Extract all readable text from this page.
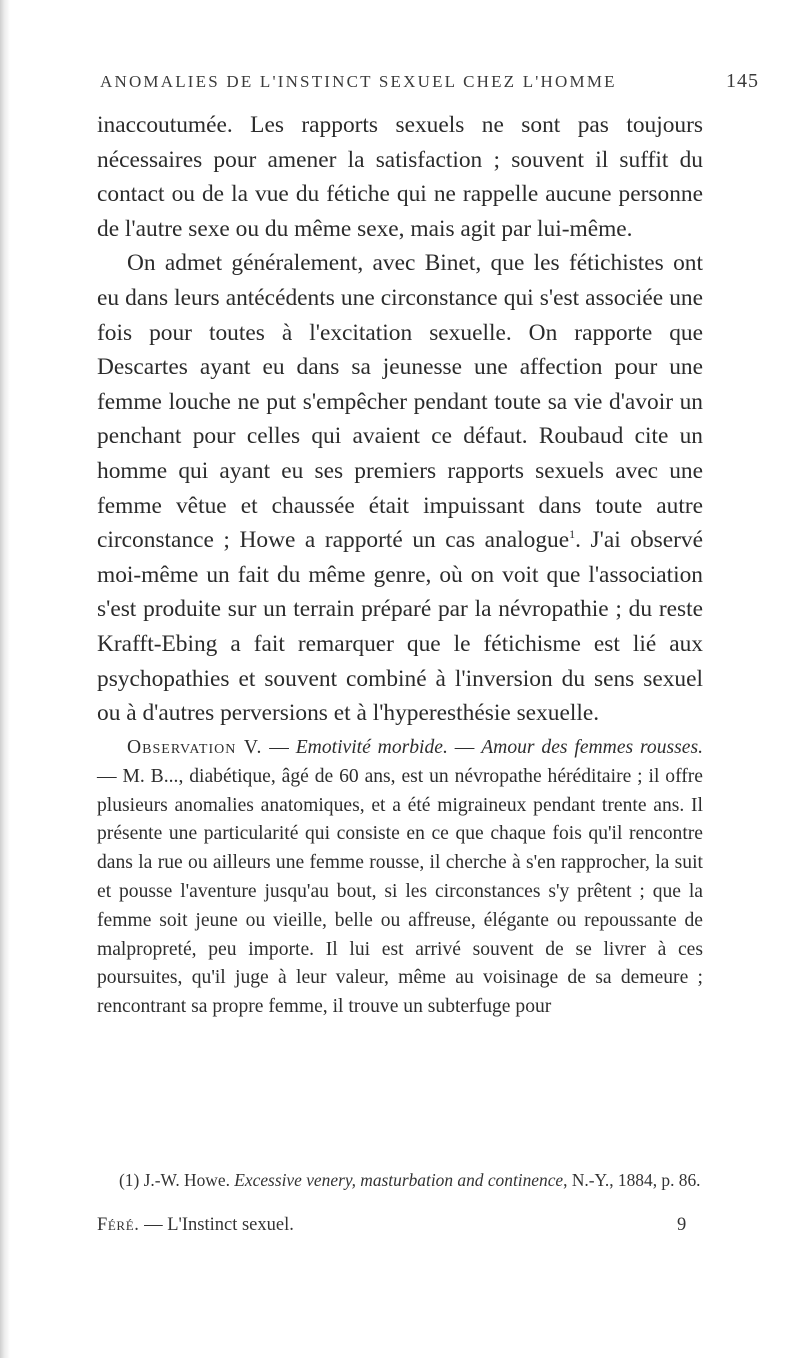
ANOMALIES DE L'INSTINCT SEXUEL CHEZ L'HOMME	145

inaccoutumée. Les rapports sexuels ne sont pas toujours nécessaires pour amener la satisfaction ; souvent il suffit du contact ou de la vue du fétiche qui ne rappelle aucune personne de l'autre sexe ou du même sexe, mais agit par lui-même.

On admet généralement, avec Binet, que les fétichistes ont eu dans leurs antécédents une circonstance qui s'est associée une fois pour toutes à l'excitation sexuelle. On rapporte que Descartes ayant eu dans sa jeunesse une affection pour une femme louche ne put s'empêcher pendant toute sa vie d'avoir un penchant pour celles qui avaient ce défaut. Roubaud cite un homme qui ayant eu ses premiers rapports sexuels avec une femme vêtue et chaussée était impuissant dans toute autre circonstance ; Howe a rapporté un cas analogue$^1$. J'ai observé moi-même un fait du même genre, où on voit que l'association s'est produite sur un terrain préparé par la névropathie ; du reste Krafft-Ebing a fait remarquer que le fétichisme est lié aux psychopathies et souvent combiné à l'inversion du sens sexuel ou à d'autres perversions et à l'hyperesthésie sexuelle.

Observation V. — Emotivité morbide. — Amour des femmes rousses. — M. B..., diabétique, âgé de 60 ans, est un névropathe héréditaire ; il offre plusieurs anomalies anatomiques, et a été migraineux pendant trente ans. Il présente une particularité qui consiste en ce que chaque fois qu'il rencontre dans la rue ou ailleurs une femme rousse, il cherche à s'en rapprocher, la suit et pousse l'aventure jusqu'au bout, si les circonstances s'y prêtent ; que la femme soit jeune ou vieille, belle ou affreuse, élégante ou repoussante de malpropreté, peu importe. Il lui est arrivé souvent de se livrer à ces poursuites, qu'il juge à leur valeur, même au voisinage de sa demeure ; rencontrant sa propre femme, il trouve un subterfuge pour

(1) J.-W. Howe. Excessive venery, masturbation and continence, N.-Y., 1884, p. 86.

Féré. — L'Instinct sexuel.	9
